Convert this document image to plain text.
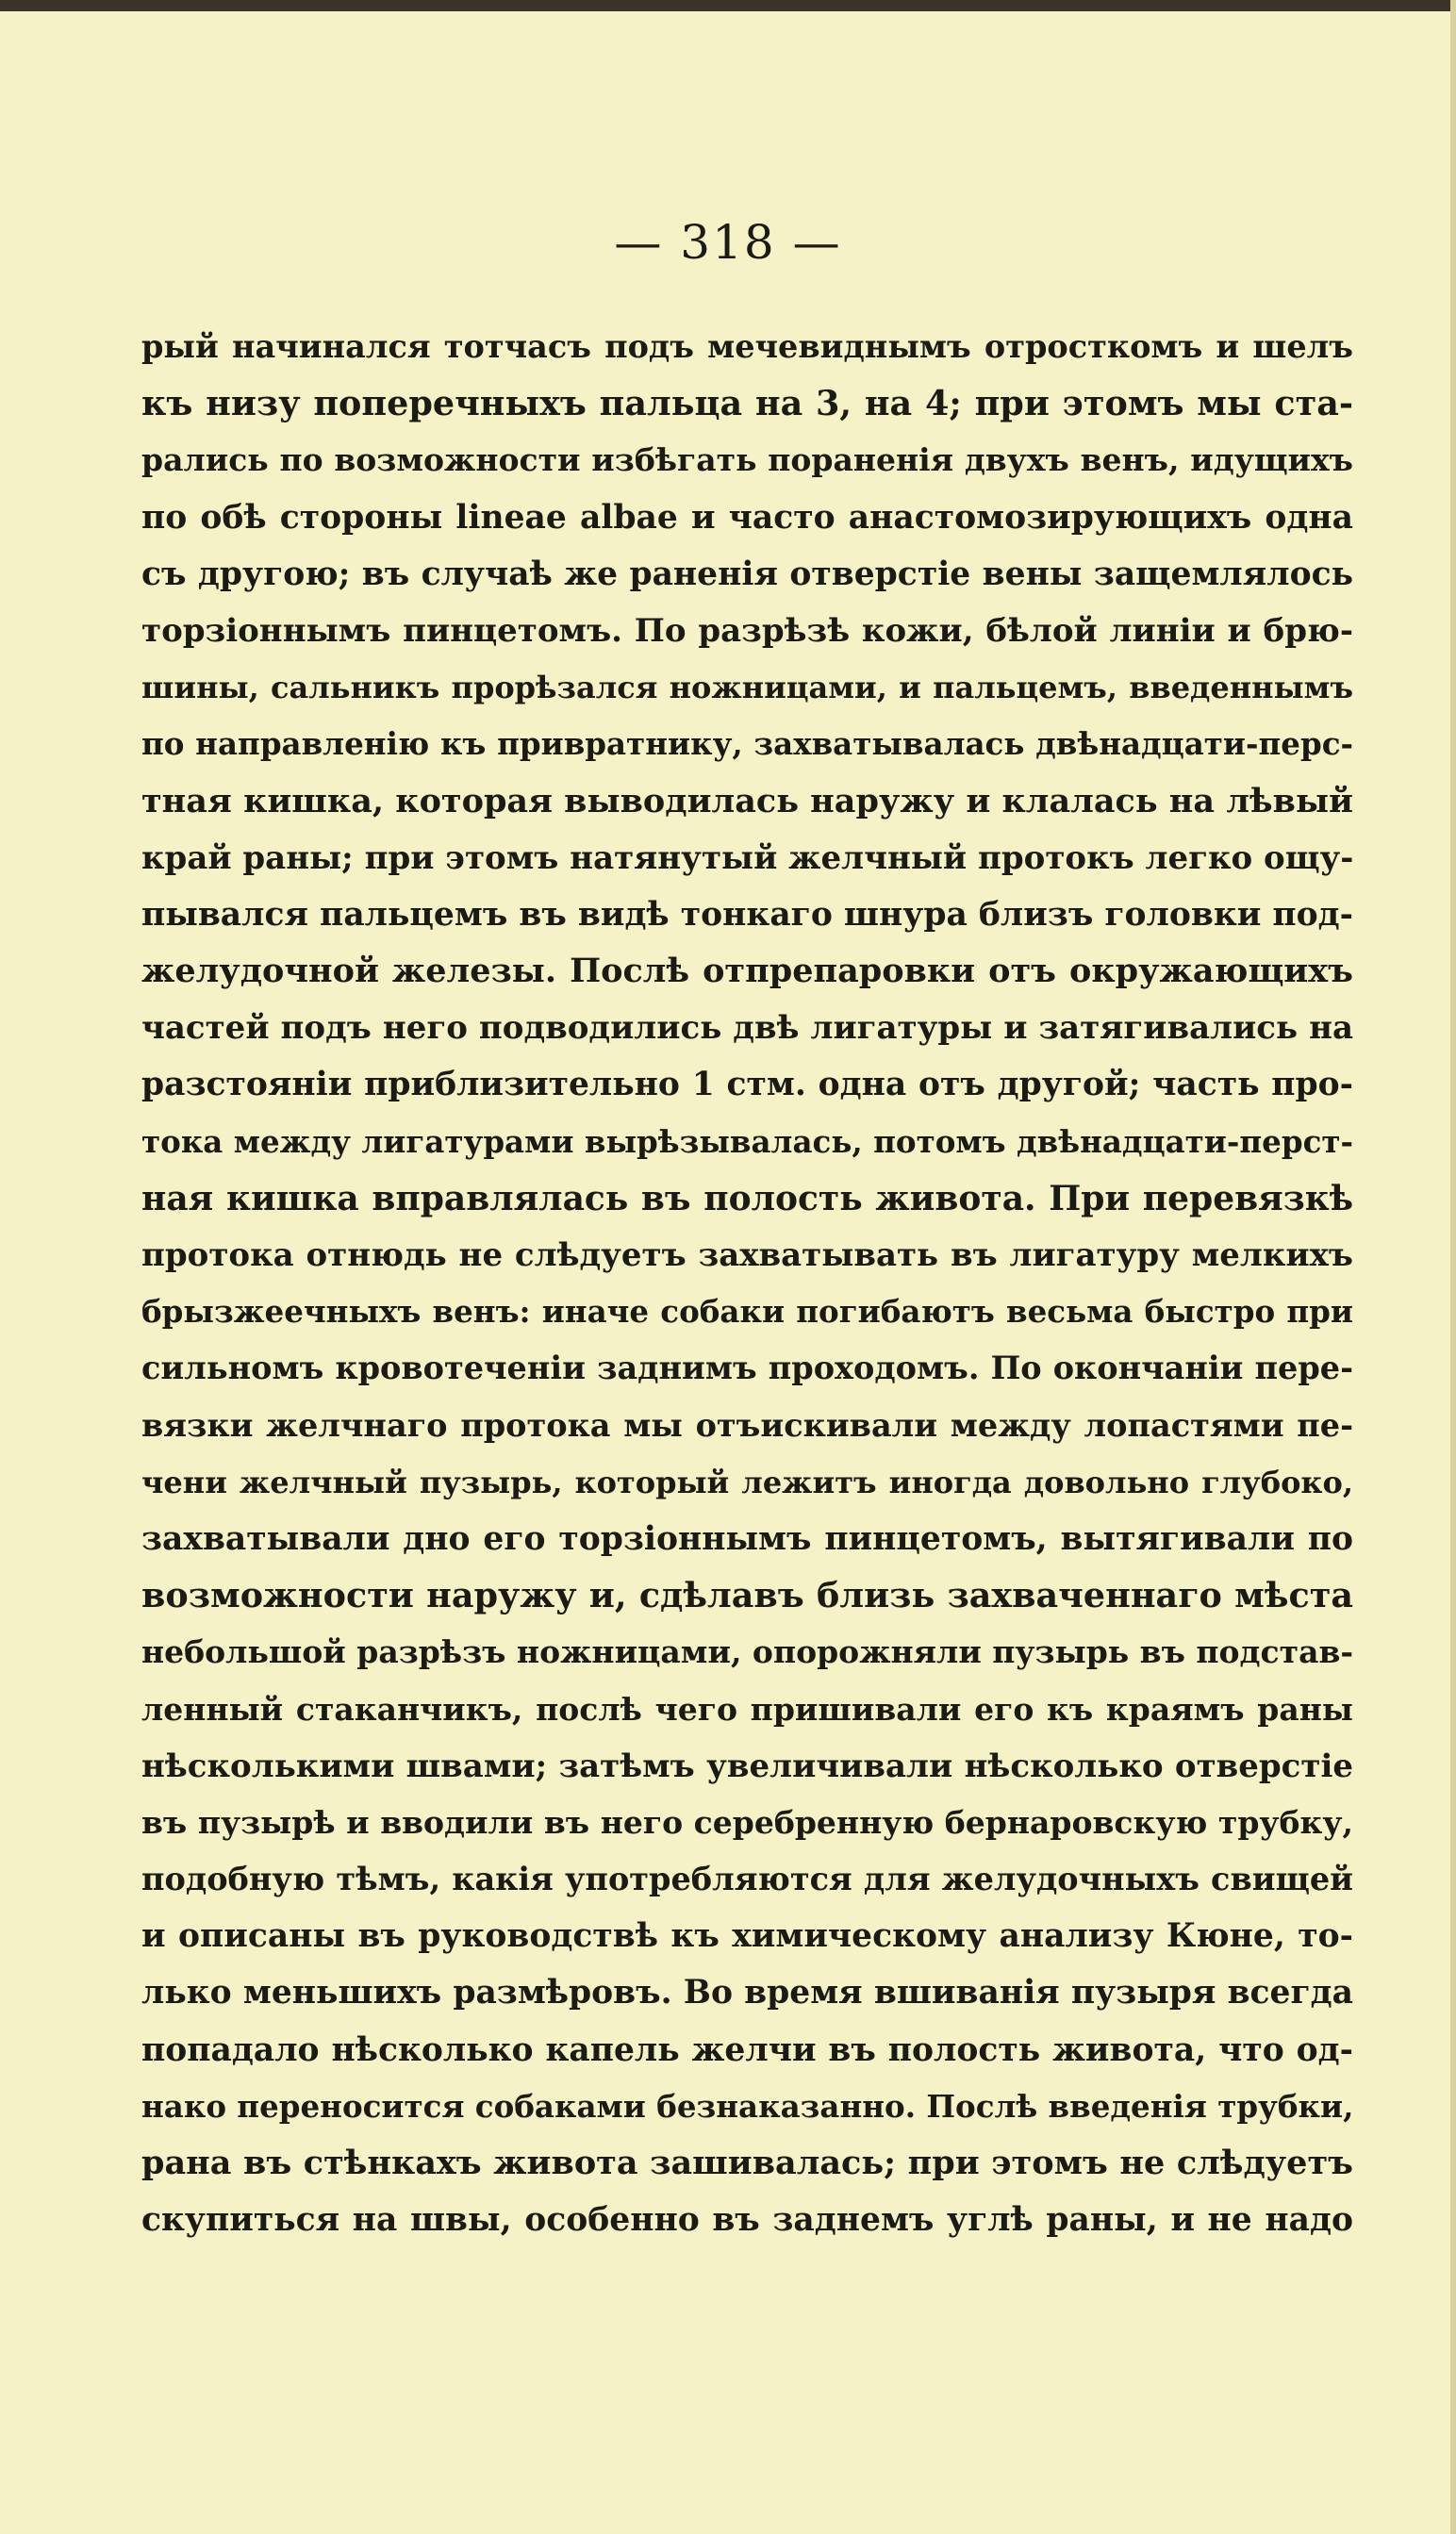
— 318 —
рый начинался тотчасъ подъ мечевиднымъ отросткомъ и шелъ
къ низу поперечныхъ пальца на 3, на 4; при этомъ мы ста-
рались по возможности избѣгать пораненія двухъ венъ, идущихъ
по обѣ стороны lineae albae и часто анастомозирующихъ одна
съ другою; въ случаѣ же раненія отверстіе вены защемлялось
торзіоннымъ пинцетомъ. По разрѣзѣ кожи, бѣлой линіи и брю-
шины, сальникъ прорѣзался ножницами, и пальцемъ, введеннымъ
по направленію къ привратнику, захватывалась двѣнадцати-перс-
тная кишка, которая выводилась наружу и клалась на лѣвый
край раны; при этомъ натянутый желчный протокъ легко ощу-
пывался пальцемъ въ видѣ тонкаго шнура близъ головки под-
желудочной железы. Послѣ отпрепаровки отъ окружающихъ
частей подъ него подводились двѣ лигатуры и затягивались на
разстояніи приблизительно 1 стм. одна отъ другой; часть про-
тока между лигатурами вырѣзывалась, потомъ двѣнадцати-перст-
ная кишка вправлялась въ полость живота. При перевязкѣ
протока отнюдь не слѣдуетъ захватывать въ лигатуру мелкихъ
брызжеечныхъ венъ: иначе собаки погибаютъ весьма быстро при
сильномъ кровотеченіи заднимъ проходомъ. По окончаніи пере-
вязки желчнаго протока мы отъискивали между лопастями пе-
чени желчный пузырь, который лежитъ иногда довольно глубоко,
захватывали дно его торзіоннымъ пинцетомъ, вытягивали по
возможности наружу и, сдѣлавъ близь захваченнаго мѣста
небольшой разрѣзъ ножницами, опорожняли пузырь въ подстав-
ленный стаканчикъ, послѣ чего пришивали его къ краямъ раны
нѣсколькими швами; затѣмъ увеличивали нѣсколько отверстіе
въ пузырѣ и вводили въ него серебренную бернаровскую трубку,
подобную тѣмъ, какія употребляются для желудочныхъ свищей
и описаны въ руководствѣ къ химическому анализу Кюне, то-
лько меньшихъ размѣровъ. Во время вшиванія пузыря всегда
попадало нѣсколько капель желчи въ полость живота, что од-
нако переносится собаками безнаказанно. Послѣ введенія трубки,
рана въ стѣнкахъ живота зашивалась; при этомъ не слѣдуетъ
скупиться на швы, особенно въ заднемъ углѣ раны, и не надо
